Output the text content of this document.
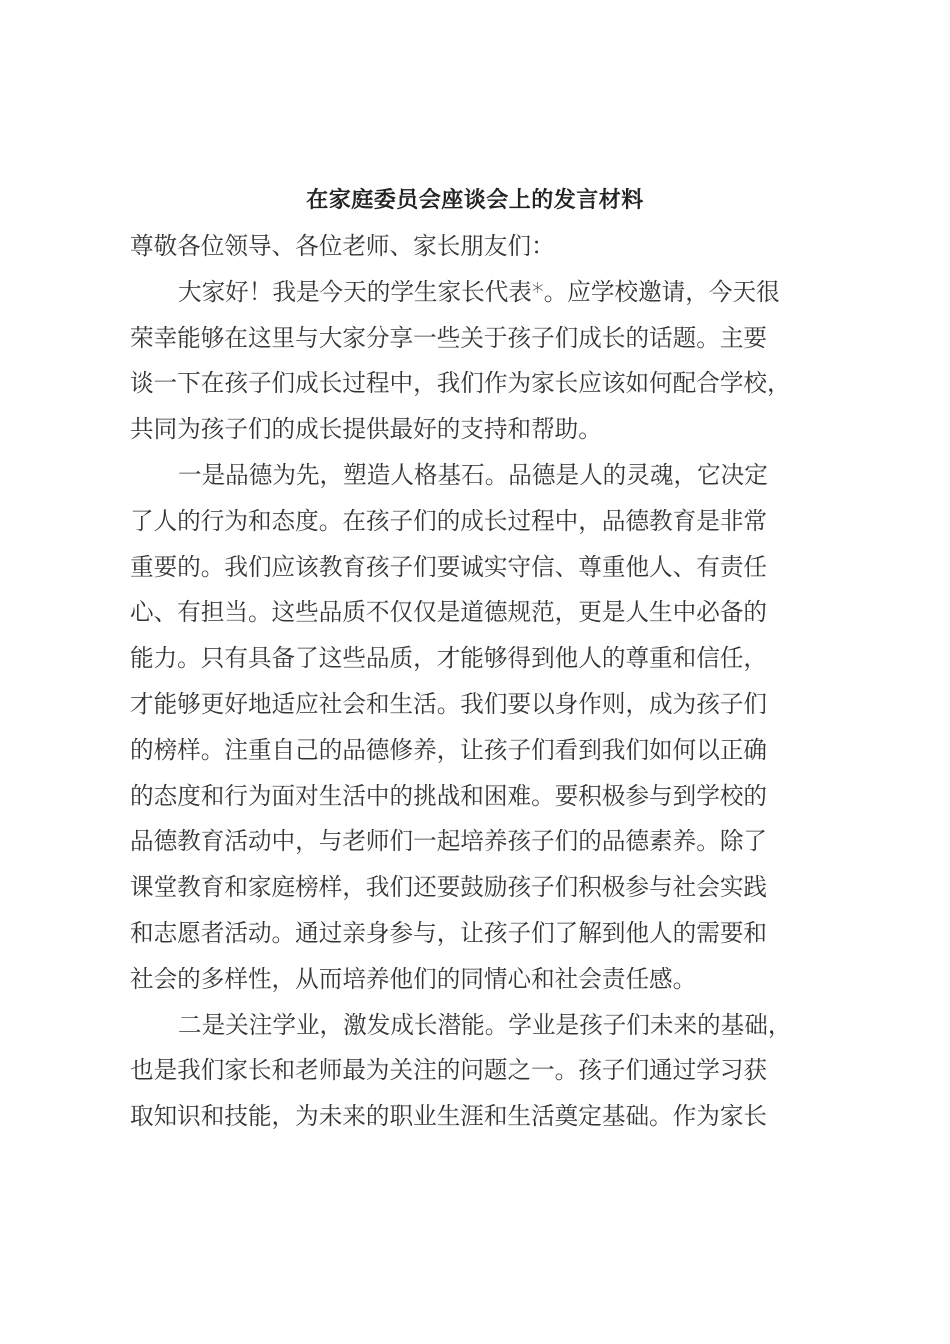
在家庭委员会座谈会上的发言材料
尊敬各位领导、各位老师、家长朋友们：
大家好！我是今天的学生家长代表*。应学校邀请，今天很
荣幸能够在这里与大家分享一些关于孩子们成长的话题。主要
谈一下在孩子们成长过程中，我们作为家长应该如何配合学校，
共同为孩子们的成长提供最好的支持和帮助。
一是品德为先，塑造人格基石。品德是人的灵魂，它决定
了人的行为和态度。在孩子们的成长过程中，品德教育是非常
重要的。我们应该教育孩子们要诚实守信、尊重他人、有责任
心、有担当。这些品质不仅仅是道德规范，更是人生中必备的
能力。只有具备了这些品质，才能够得到他人的尊重和信任，
才能够更好地适应社会和生活。我们要以身作则，成为孩子们
的榜样。注重自己的品德修养，让孩子们看到我们如何以正确
的态度和行为面对生活中的挑战和困难。要积极参与到学校的
品德教育活动中，与老师们一起培养孩子们的品德素养。除了
课堂教育和家庭榜样，我们还要鼓励孩子们积极参与社会实践
和志愿者活动。通过亲身参与，让孩子们了解到他人的需要和
社会的多样性，从而培养他们的同情心和社会责任感。
二是关注学业，激发成长潜能。学业是孩子们未来的基础，
也是我们家长和老师最为关注的问题之一。孩子们通过学习获
取知识和技能，为未来的职业生涯和生活奠定基础。作为家长
